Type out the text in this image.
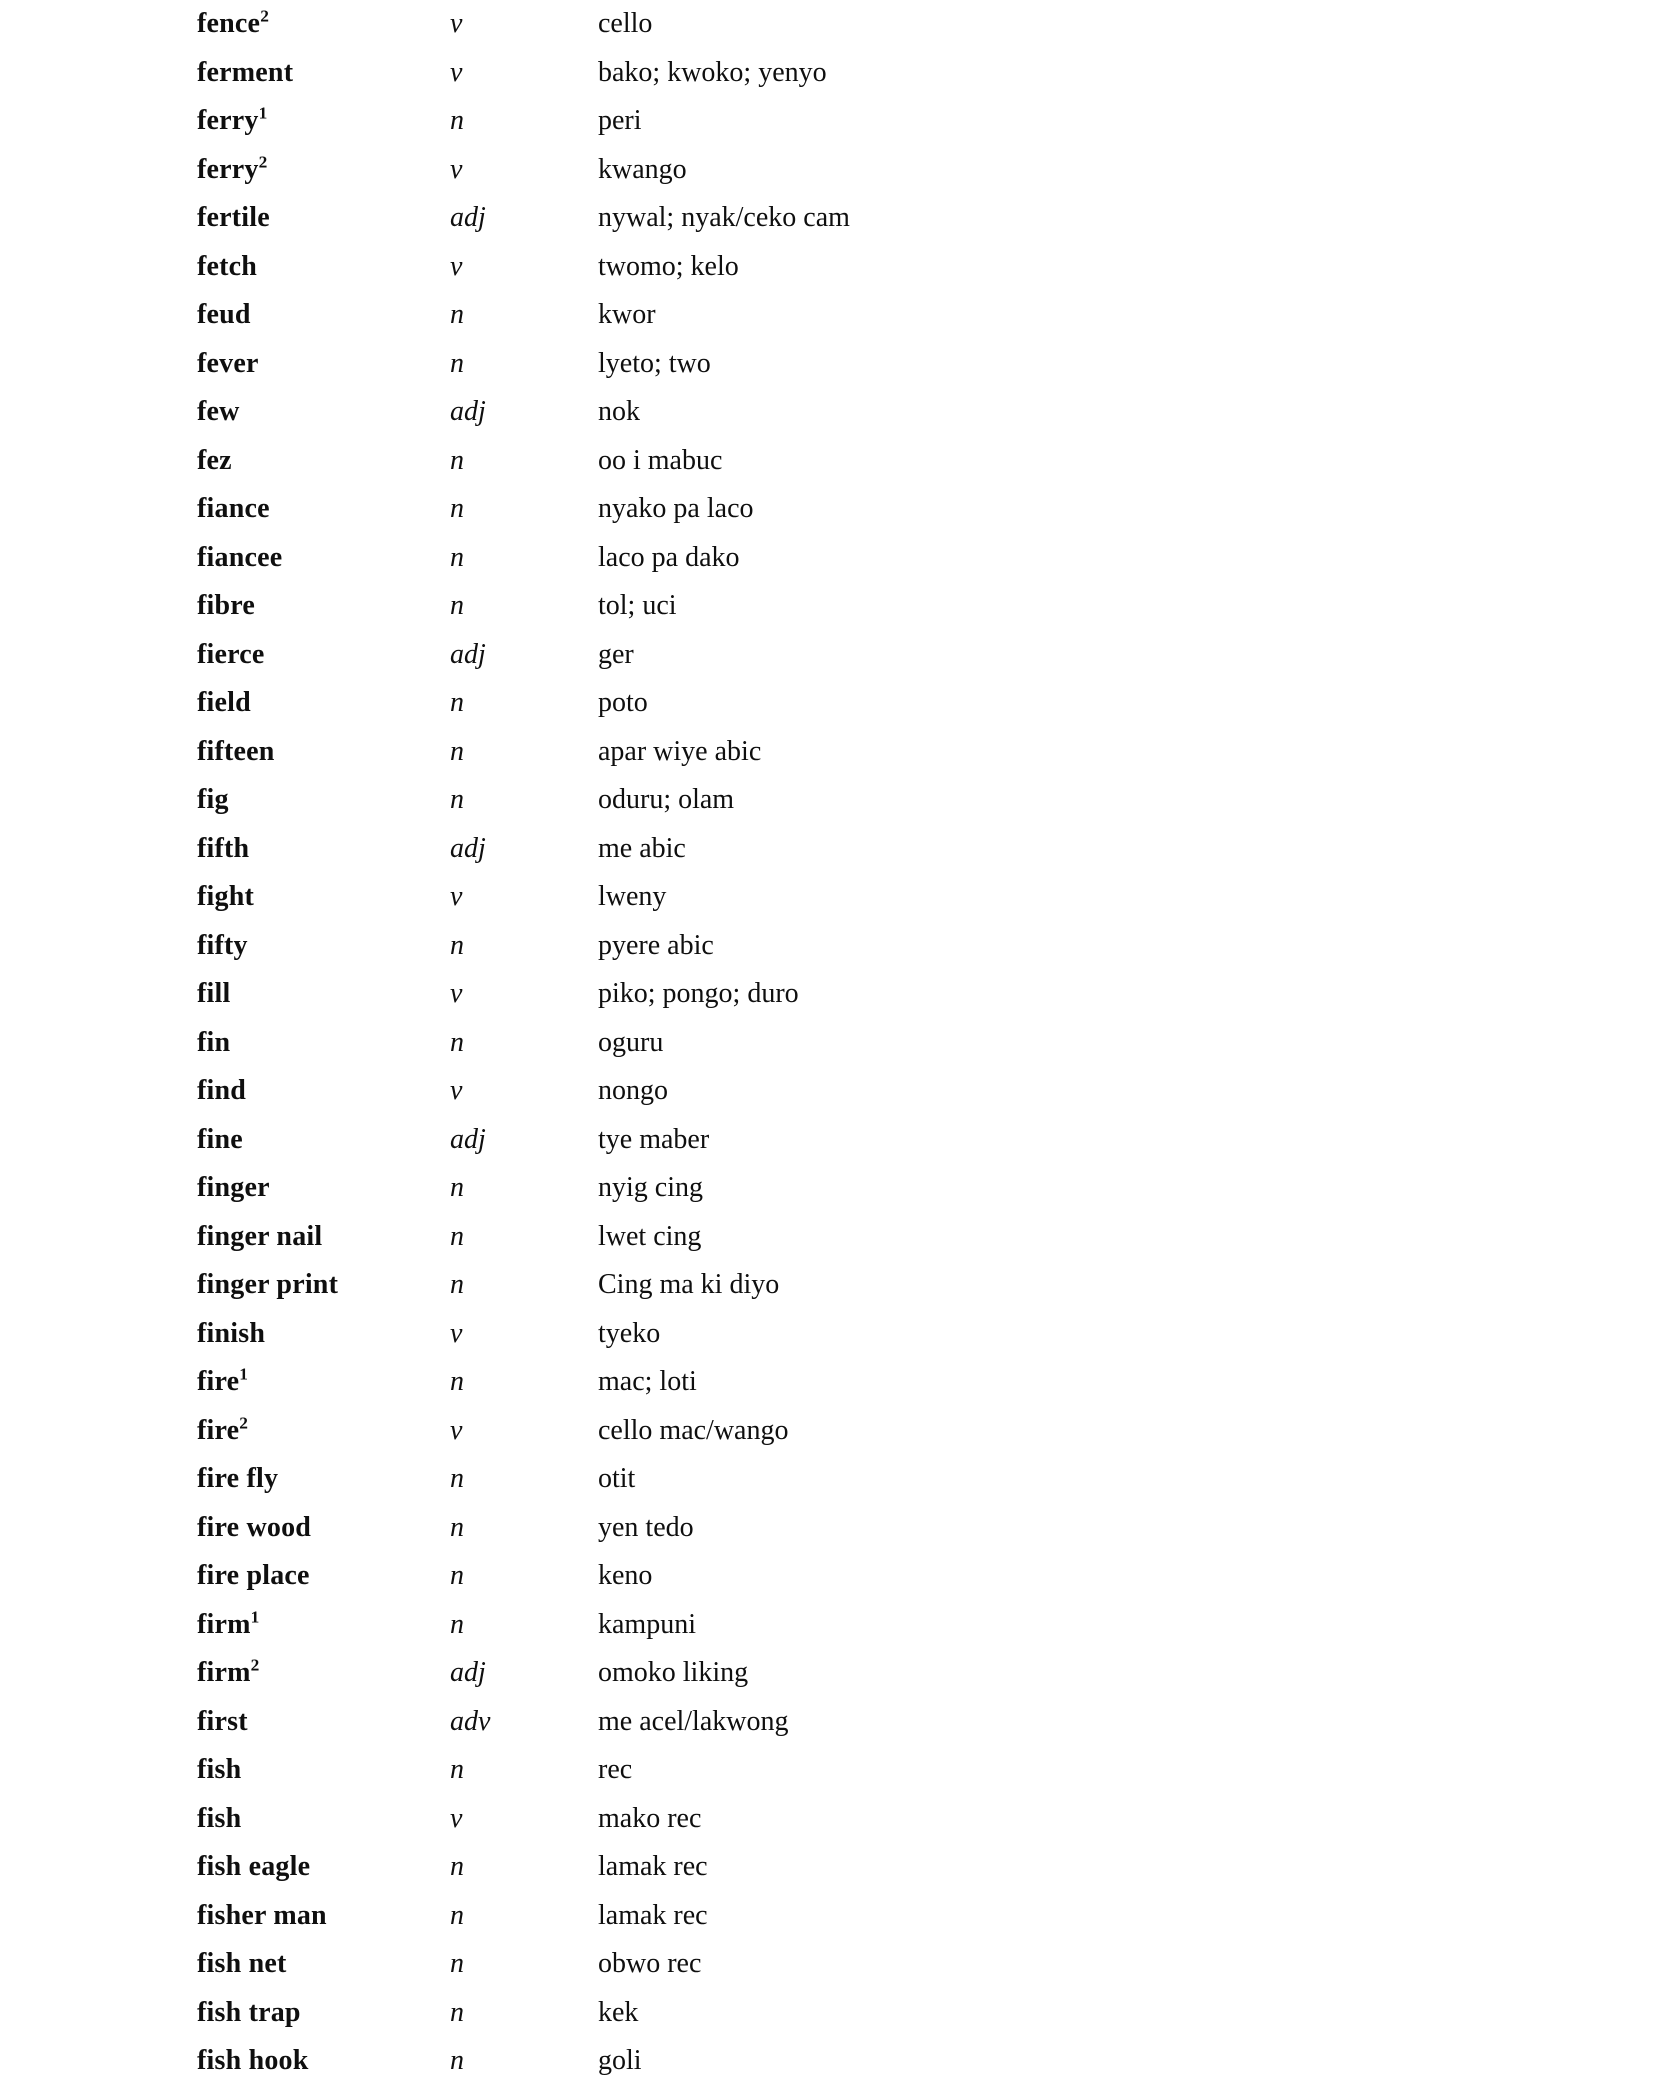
fence$^2$	v	cello
ferment	v	bako; kwoko; yenyo
ferry$^1$	n	peri
ferry$^2$	v	kwango
fertile	adj	nywal; nyak/ceko cam
fetch	v	twomo; kelo
feud	n	kwor
fever	n	lyeto; two
few	adj	nok
fez	n	oo i mabuc
fiance	n	nyako pa laco
fiancee	n	laco pa dako
fibre	n	tol; uci
fierce	adj	ger
field	n	poto
fifteen	n	apar wiye abic
fig	n	oduru; olam
fifth	adj	me abic
fight	v	lweny
fifty	n	pyere abic
fill	v	piko; pongo; duro
fin	n	oguru
find	v	nongo
fine	adj	tye maber
finger	n	nyig cing
finger nail	n	lwet cing
finger print	n	Cing ma ki diyo
finish	v	tyeko
fire$^1$	n	mac; loti
fire$^2$	v	cello mac/wango
fire fly	n	otit
fire wood	n	yen tedo
fire place	n	keno
firm$^1$	n	kampuni
firm$^2$	adj	omoko liking
first	adv	me acel/lakwong
fish	n	rec
fish	v	mako rec
fish eagle	n	lamak rec
fisher man	n	lamak rec
fish net	n	obwo rec
fish trap	n	kek
fish hook	n	goli
